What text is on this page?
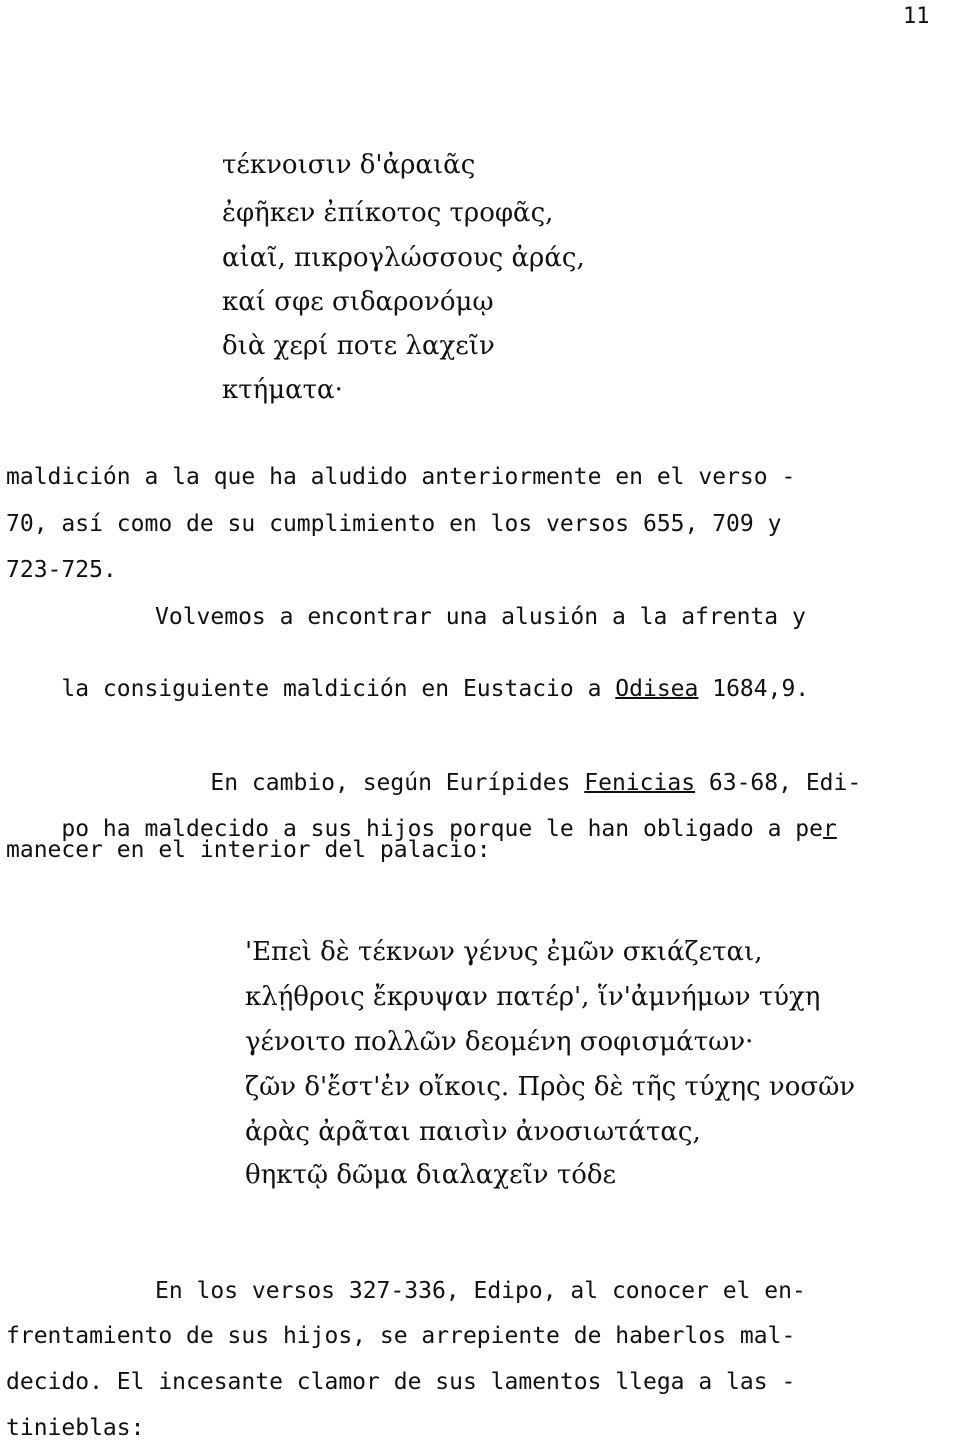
11
τέκνοισιν δ'ἀραιᾶς
ἐφῆκεν ἐπίκοτος τροφᾶς,
αἰαῖ, πικρογλώσσους ἀράς,
καί σφε σιδαρονόμῳ
διὰ χερί ποτε λαχεῖν
κτήματα·
maldición a la que ha aludido anteriormente en el verso -
70, así como de su cumplimiento en los versos 655, 709 y
723-725.
Volvemos a encontrar una alusión a la afrenta y

la consiguiente maldición en Eustacio a Odisea 1684,9.

En cambio, según Eurípides Fenicias 63-68, Edi-

po ha maldecido a sus hijos porque le han obligado a per

manecer en el interior del palacio:
'Επεὶ δὲ τέκνων γένυς ἐμῶν σκιάζεται,
κλῄθροις ἔκρυψαν πατέρ', ἵν'ἀμνήμων τύχη
γένοιτο πολλῶν δεομένη σοφισμάτων·
ζῶν δ'ἔστ'ἐν οἴκοις. Πρὸς δὲ τῆς τύχης νοσῶν
ἀρὰς ἀρᾶται παισὶν ἀνοσιωτάτας,
θηκτῷ δῶμα διαλαχεῖν τόδε
En los versos 327-336, Edipo, al conocer el en-
frentamiento de sus hijos, se arrepiente de haberlos mal-
decido. El incesante clamor de sus lamentos llega a las -
tinieblas:
